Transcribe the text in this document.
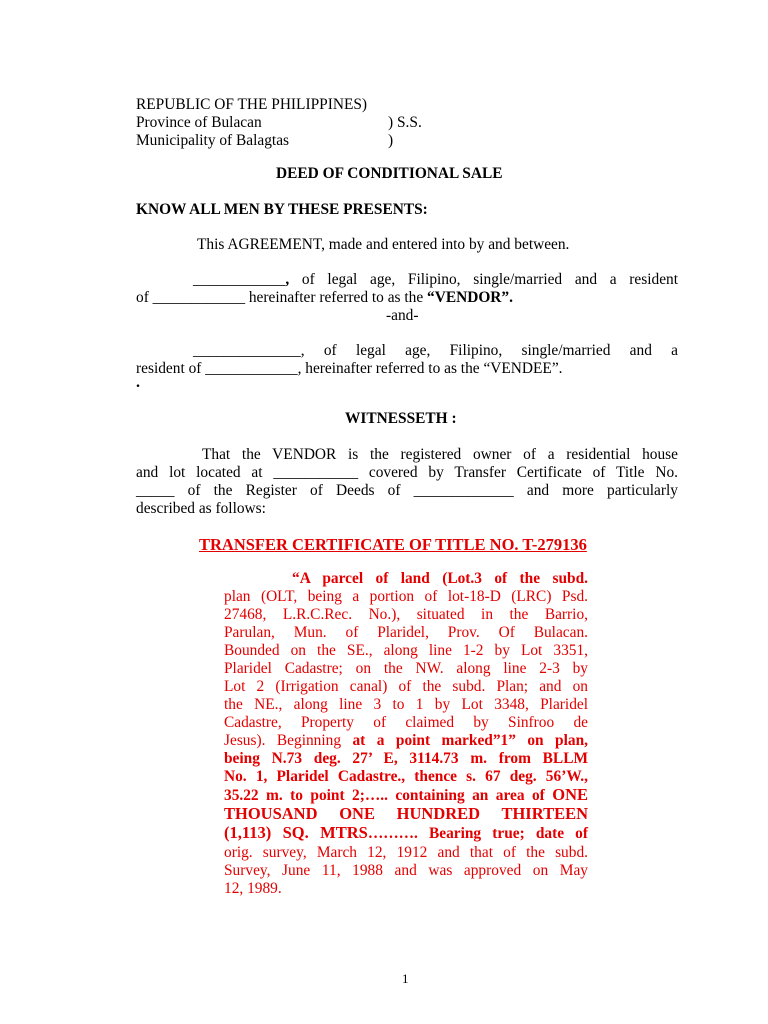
REPUBLIC OF THE PHILIPPINES)
Province of Bulacan	) S.S.
Municipality of Balagtas	)
DEED OF CONDITIONAL SALE
KNOW ALL MEN BY THESE PRESENTS:
This AGREEMENT, made and entered into by and between.
____________, of legal age, Filipino, single/married and a resident
of ____________ hereinafter referred to as the “VENDOR”.
-and-
______________, of legal age, Filipino, single/married and a
resident of ____________, hereinafter referred to as the “VENDEE”.
.
WITNESSETH :
That the VENDOR is the registered owner of a residential house
and lot located at ___________ covered by Transfer Certificate of Title No.
_____ of the Register of Deeds of _____________ and more particularly
described as follows:
TRANSFER CERTIFICATE OF TITLE NO. T-279136
“A parcel of land (Lot.3 of the subd.
plan (OLT, being a portion of lot-18-D (LRC) Psd.
27468, L.R.C.Rec. No.), situated in the Barrio,
Parulan, Mun. of Plaridel, Prov. Of Bulacan.
Bounded on the SE., along line 1-2 by Lot 3351,
Plaridel Cadastre; on the NW. along line 2-3 by
Lot 2 (Irrigation canal) of the subd. Plan; and on
the NE., along line 3 to 1 by Lot 3348, Plaridel
Cadastre, Property of claimed by Sinfroo de
Jesus). Beginning at a point marked”1” on plan,
being N.73 deg. 27’ E, 3114.73 m. from BLLM
No. 1, Plaridel Cadastre., thence s. 67 deg. 56’W.,
35.22 m. to point 2;….. containing an area of ONE
THOUSAND ONE HUNDRED THIRTEEN
(1,113) SQ. MTRS………. Bearing true; date of
orig. survey, March 12, 1912 and that of the subd.
Survey, June 11, 1988 and was approved on May
12, 1989.
1
